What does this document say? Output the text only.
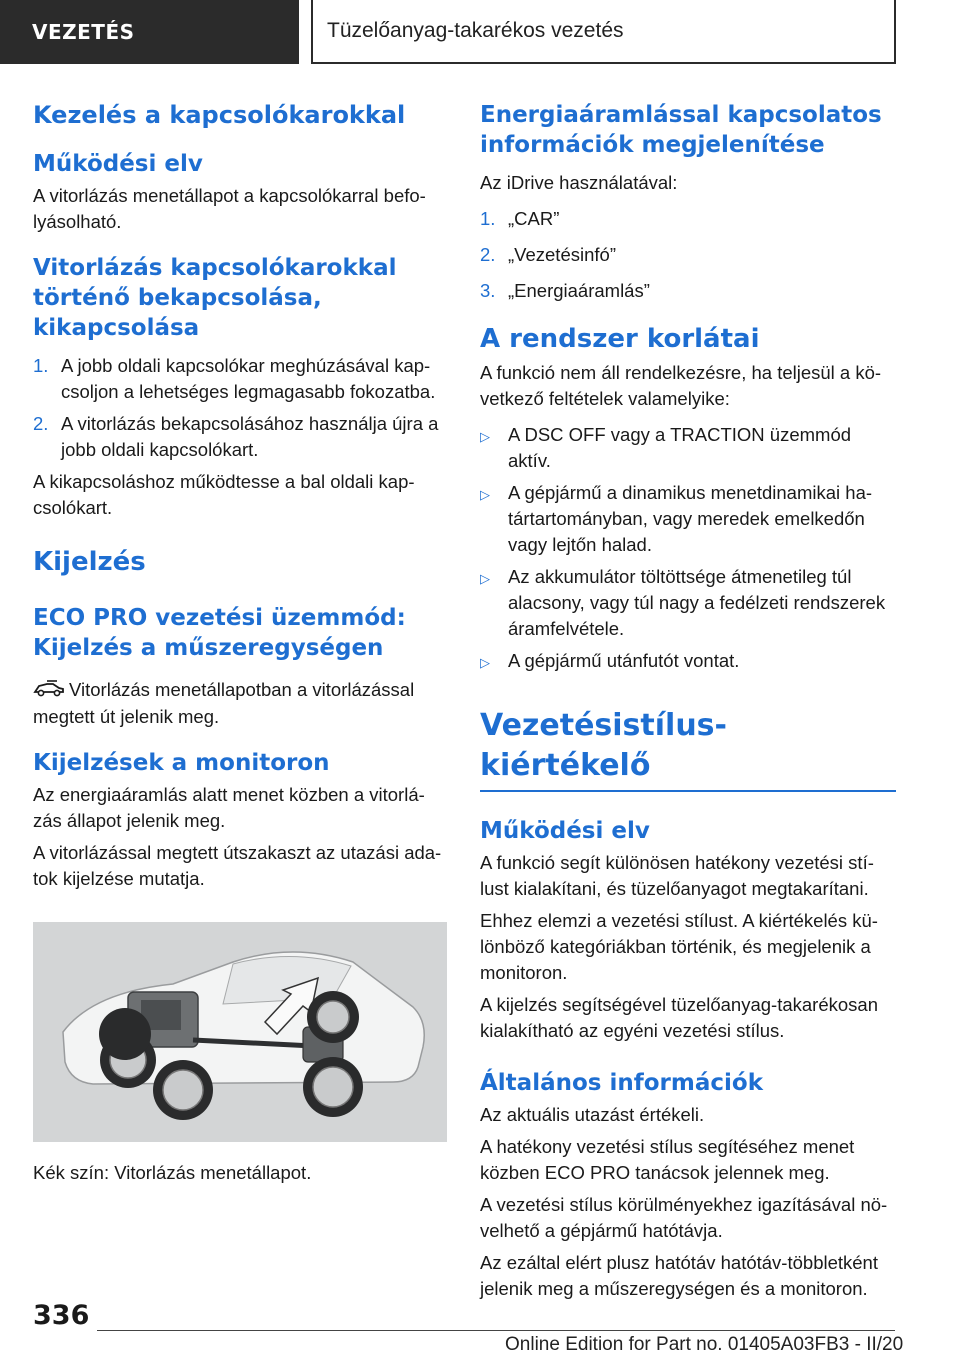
VEZETÉS	Tüzelőanyag-takarékos vezetés
Kezelés a kapcsolókarokkal
Működési elv

A vitorlázás menetállapot a kapcsolókarral befo-lyásolható.

Vitorlázás kapcsolókarokkal történő bekapcsolása, kikapcsolása
1. A jobb oldali kapcsolókar meghúzásával kap-csoljon a lehetséges legmagasabb fokozatba.
2. A vitorlázás bekapcsolásához használja újra a jobb oldali kapcsolókart.

A kikapcsoláshoz működtesse a bal oldali kap-csolókart.

Kijelzés
ECO PRO vezetési üzemmód: Kijelzés a műszeregységen

Vitorlázás menetállapotban a vitorlázással megtett út jelenik meg.

Kijelzések a monitoron

Az energiaáramlás alatt menet közben a vitorlá-zás állapot jelenik meg.

A vitorlázással megtett útszakaszt az utazási ada-tok kijelzése mutatja.

Kék szín: Vitorlázás menetállapot.

Energiaáramlással kapcsolatos információk megjelenítése

Az iDrive használatával:

1. „CAR”
2. „Vezetésinfó”
3. „Energiaáramlás”
A rendszer korlátai

A funkció nem áll rendelkezésre, ha teljesül a kö-vetkező feltételek valamelyike:

▷ A DSC OFF vagy a TRACTION üzemmód aktív.
▷ A gépjármű a dinamikus menetdinamikai ha-tártartományban, vagy meredek emelkedőn vagy lejtőn halad.
▷ Az akkumulátor töltöttsége átmenetileg túl alacsony, vagy túl nagy a fedélzeti rendszerek áramfelvétele.
▷ A gépjármű utánfutót vontat.
Vezetésistílus-kiértékelő
Működési elv

A funkció segít különösen hatékony vezetési stí-lust kialakítani, és tüzelőanyagot megtakarítani.

Ehhez elemzi a vezetési stílust. A kiértékelés kü-lönböző kategóriákban történik, és megjelenik a monitoron.

A kijelzés segítségével tüzelőanyag-takarékosan kialakítható az egyéni vezetési stílus.

Általános információk

Az aktuális utazást értékeli.

A hatékony vezetési stílus segítéséhez menet közben ECO PRO tanácsok jelennek meg.

A vezetési stílus körülményekhez igazításával nö-velhető a gépjármű hatótávja.

Az ezáltal elért plusz hatótáv hatótáv-többletként jelenik meg a műszeregységen és a monitoron.

336
Online Edition for Part no. 01405A03FB3 - II/20
